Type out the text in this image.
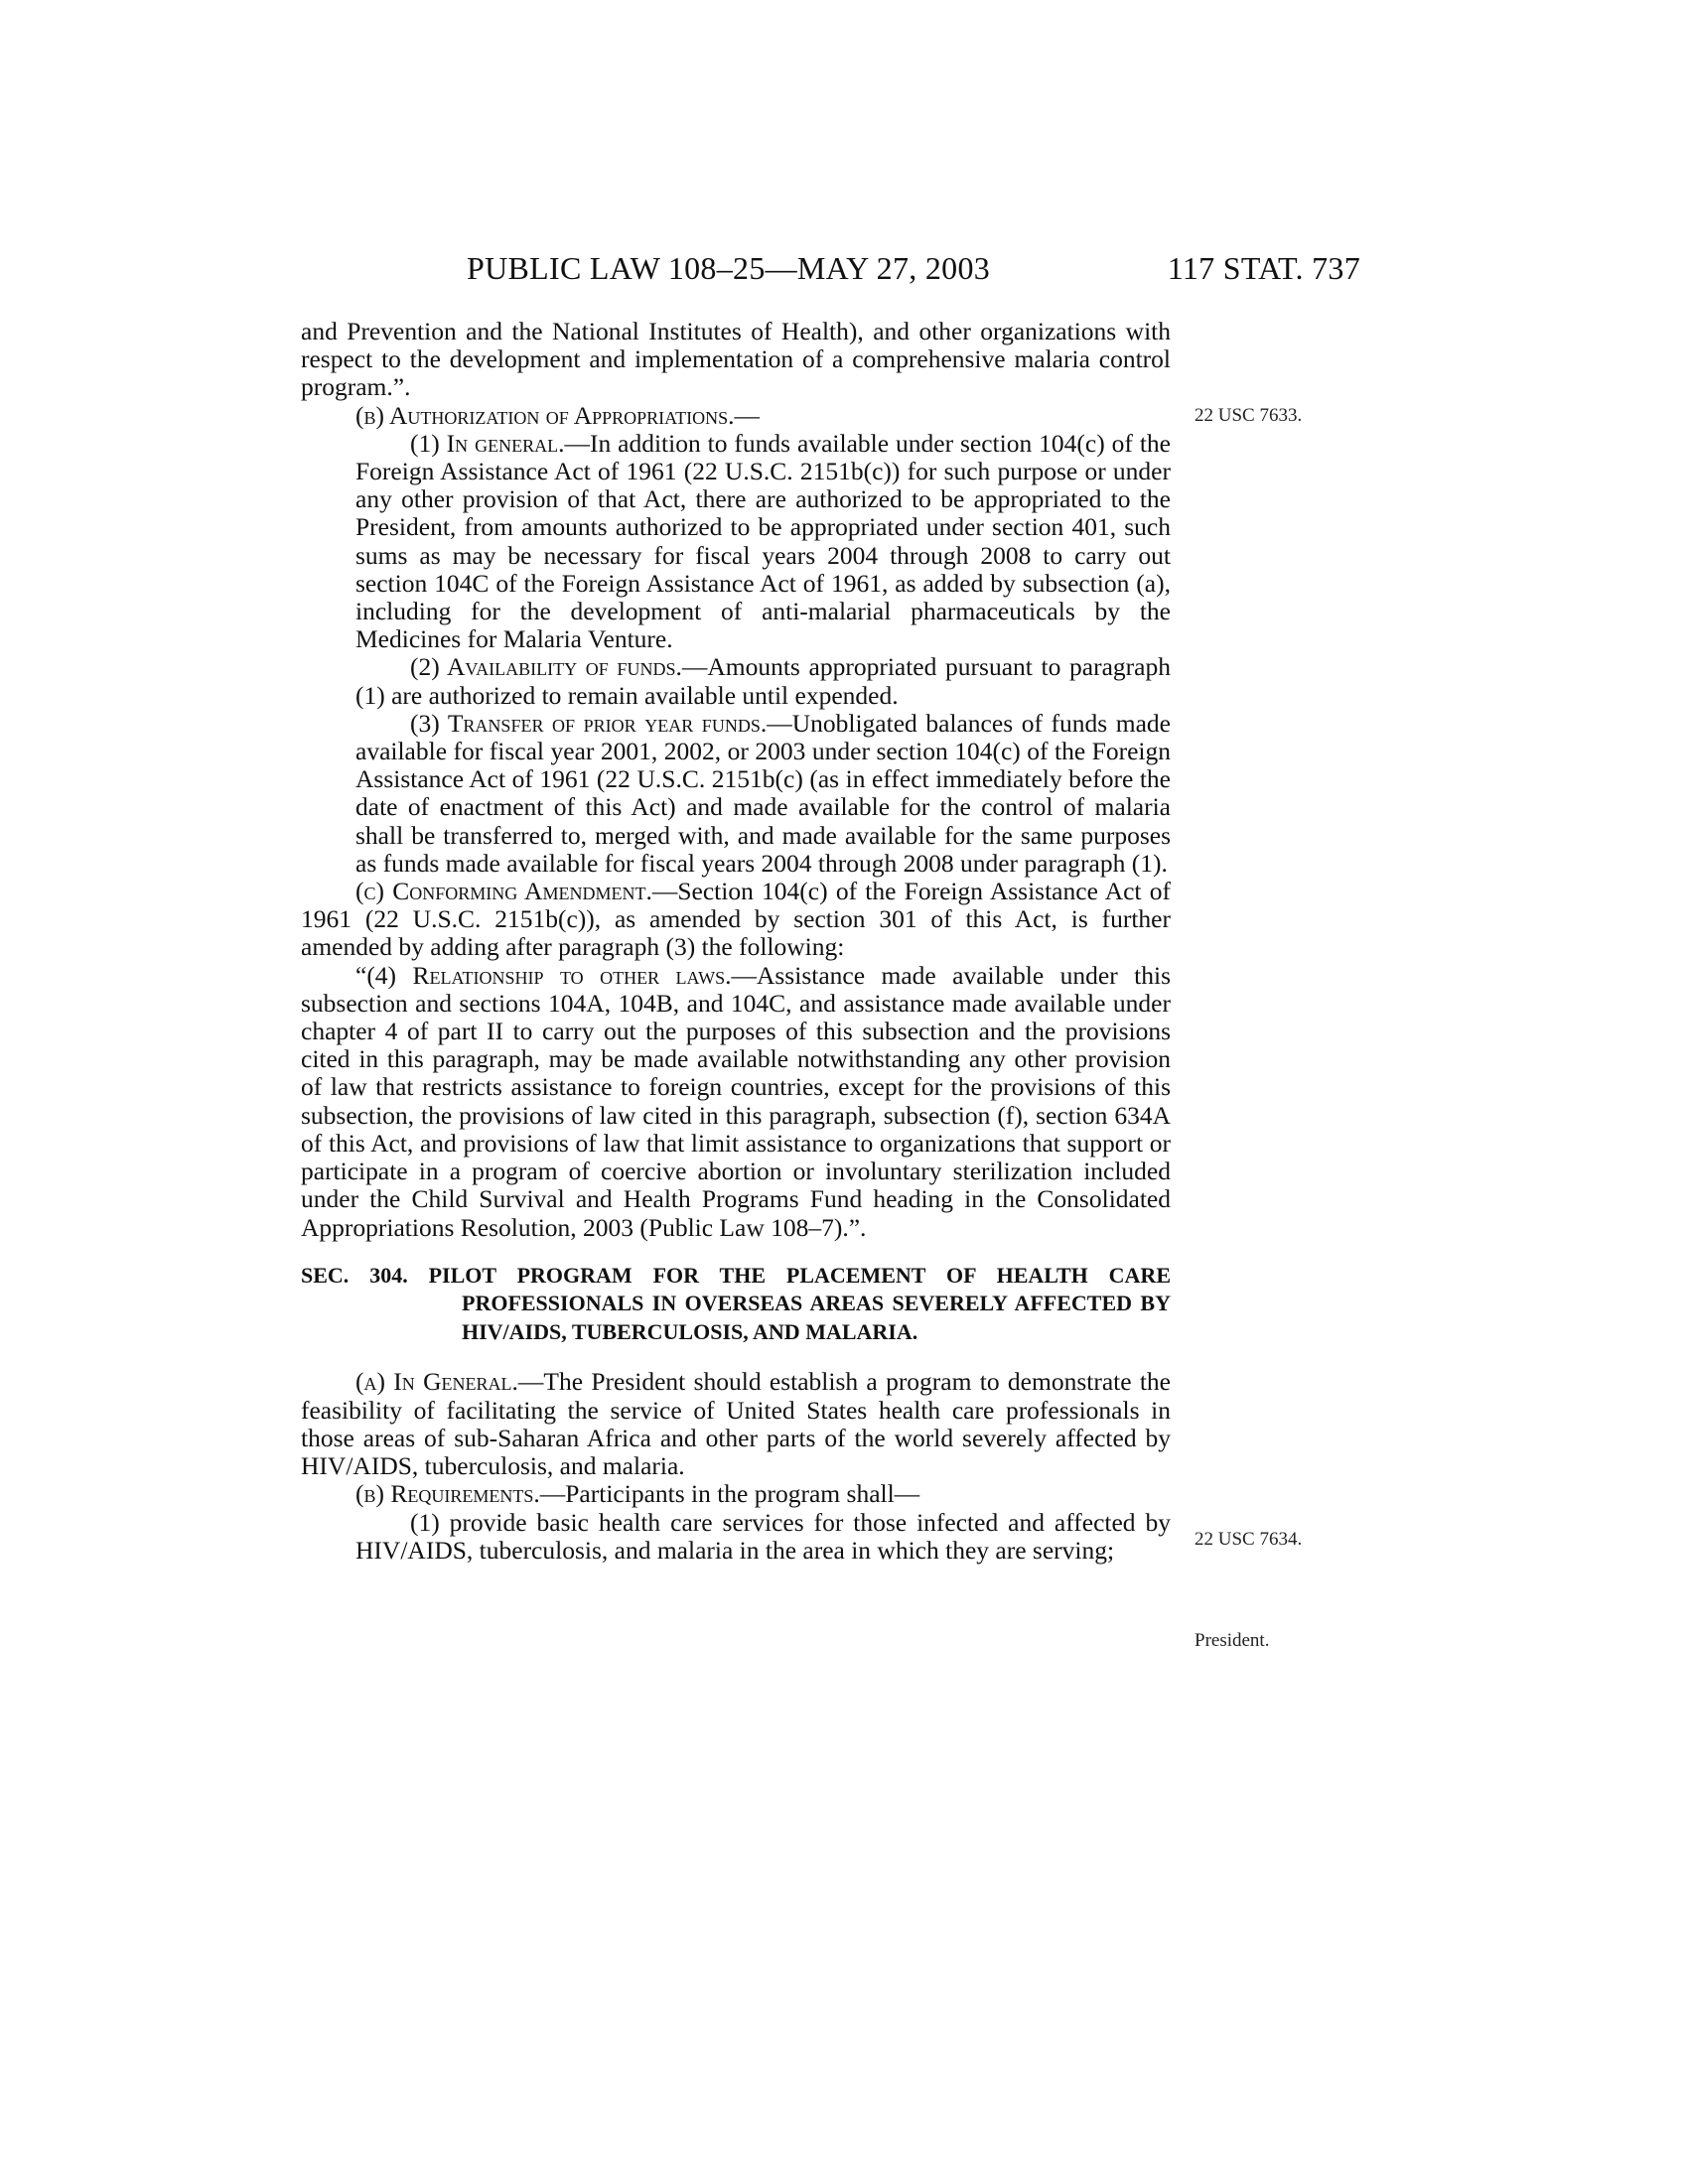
PUBLIC LAW 108–25—MAY 27, 2003	117 STAT. 737
22 USC 7633.
22 USC 7634.
President.

and Prevention and the National Institutes of Health), and other organizations with respect to the development and implementation of a comprehensive malaria control program.”.

(b) Authorization of Appropriations.—

(1) In general.—In addition to funds available under section 104(c) of the Foreign Assistance Act of 1961 (22 U.S.C. 2151b(c)) for such purpose or under any other provision of that Act, there are authorized to be appropriated to the President, from amounts authorized to be appropriated under section 401, such sums as may be necessary for fiscal years 2004 through 2008 to carry out section 104C of the Foreign Assistance Act of 1961, as added by subsection (a), including for the development of anti-malarial pharmaceuticals by the Medicines for Malaria Venture.

(2) Availability of funds.—Amounts appropriated pursuant to paragraph (1) are authorized to remain available until expended.

(3) Transfer of prior year funds.—Unobligated balances of funds made available for fiscal year 2001, 2002, or 2003 under section 104(c) of the Foreign Assistance Act of 1961 (22 U.S.C. 2151b(c) (as in effect immediately before the date of enactment of this Act) and made available for the control of malaria shall be transferred to, merged with, and made available for the same purposes as funds made available for fiscal years 2004 through 2008 under paragraph (1).

(c) Conforming Amendment.—Section 104(c) of the Foreign Assistance Act of 1961 (22 U.S.C. 2151b(c)), as amended by section 301 of this Act, is further amended by adding after paragraph (3) the following:

“(4) Relationship to other laws.—Assistance made available under this subsection and sections 104A, 104B, and 104C, and assistance made available under chapter 4 of part II to carry out the purposes of this subsection and the provisions cited in this paragraph, may be made available notwithstanding any other provision of law that restricts assistance to foreign countries, except for the provisions of this subsection, the provisions of law cited in this paragraph, subsection (f), section 634A of this Act, and provisions of law that limit assistance to organizations that support or participate in a program of coercive abortion or involuntary sterilization included under the Child Survival and Health Programs Fund heading in the Consolidated Appropriations Resolution, 2003 (Public Law 108–7).”.

SEC. 304. PILOT PROGRAM FOR THE PLACEMENT OF HEALTH CARE PROFESSIONALS IN OVERSEAS AREAS SEVERELY AFFECTED BY HIV/AIDS, TUBERCULOSIS, AND MALARIA.

(a) In General.—The President should establish a program to demonstrate the feasibility of facilitating the service of United States health care professionals in those areas of sub-Saharan Africa and other parts of the world severely affected by HIV/AIDS, tuberculosis, and malaria.

(b) Requirements.—Participants in the program shall—

(1) provide basic health care services for those infected and affected by HIV/AIDS, tuberculosis, and malaria in the area in which they are serving;
